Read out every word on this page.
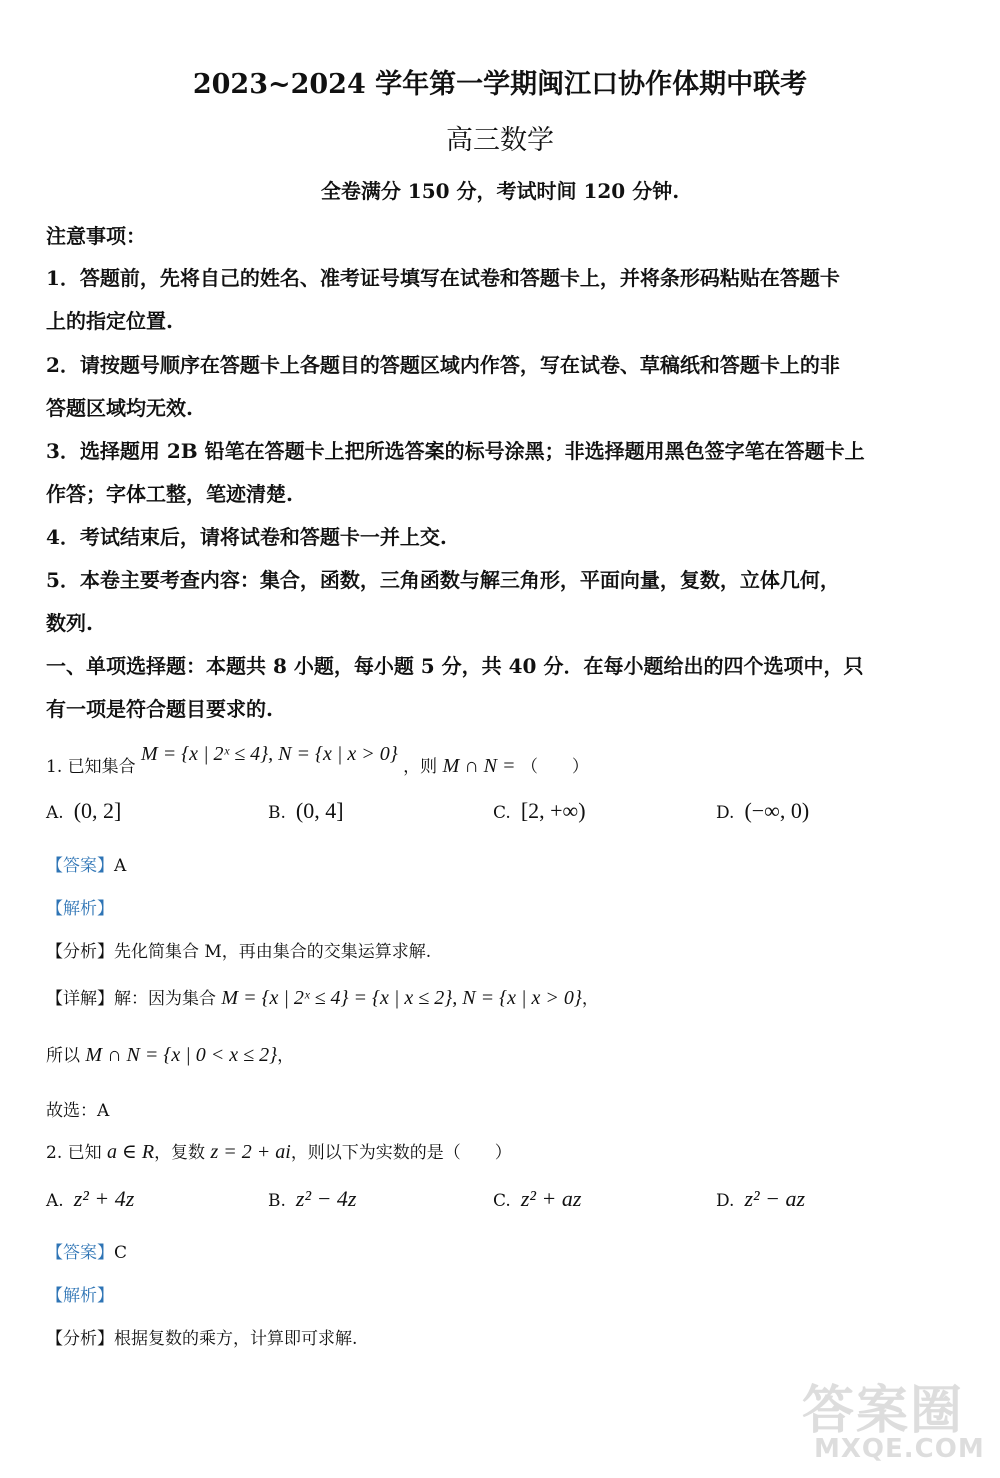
2023~2024 学年第一学期闽江口协作体期中联考
高三数学
全卷满分 150 分，考试时间 120 分钟.
注意事项：
1．答题前，先将自己的姓名、准考证号填写在试卷和答题卡上，并将条形码粘贴在答题卡
上的指定位置.
2．请按题号顺序在答题卡上各题目的答题区域内作答，写在试卷、草稿纸和答题卡上的非
答题区域均无效.
3．选择题用 2B 铅笔在答题卡上把所选答案的标号涂黑；非选择题用黑色签字笔在答题卡上
作答；字体工整，笔迹清楚.
4．考试结束后，请将试卷和答题卡一并上交.
5．本卷主要考查内容：集合，函数，三角函数与解三角形，平面向量，复数，立体几何，
数列.
一、单项选择题：本题共 8 小题，每小题 5 分，共 40 分．在每小题给出的四个选项中，只
有一项是符合题目要求的.
1. 已知集合 M = {x | 2ˣ ≤ 4}, N = {x | x > 0} ，则 M ∩ N = （　　）
A. (0, 2]	B. (0, 4]	C. [2, +∞)	D. (−∞, 0)
【答案】A
【解析】
【分析】先化简集合 M，再由集合的交集运算求解.
【详解】解：因为集合 M = {x | 2ˣ ≤ 4} = {x | x ≤ 2}, N = {x | x > 0}，
所以 M ∩ N = {x | 0 < x ≤ 2}，
故选：A
2. 已知 a ∈ R，复数 z = 2 + ai，则以下为实数的是（　　）
A. z² + 4z	B. z² − 4z	C. z² + az	D. z² − az
【答案】C
【解析】
【分析】根据复数的乘方，计算即可求解.
答案圈
MXQE.COM
